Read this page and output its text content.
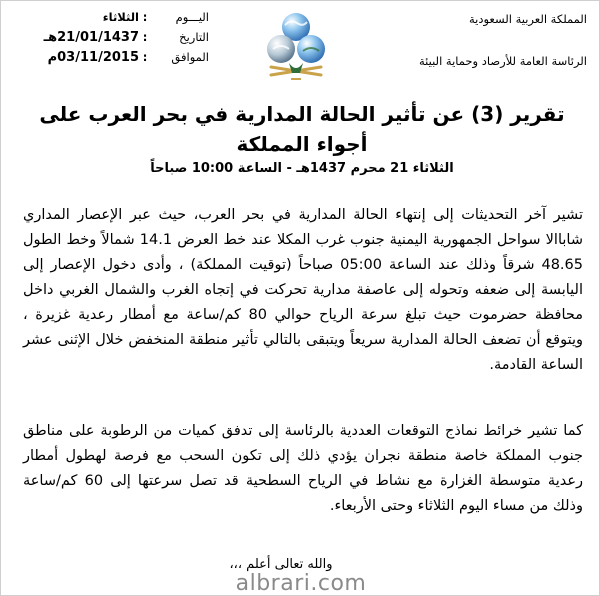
المملكة العربية السعودية
الرئاسة العامة للأرصاد وحماية البيئة
اليـــوم
:
الثلاثاء
التاريخ
:
21/01/1437هـ
الموافق
:
03/11/2015م
تقرير (3) عن تأثير الحالة المدارية في بحر العرب على أجواء المملكة
الثلاثاء 21 محرم 1437هـ - الساعة 10:00 صباحاً

تشير آخر التحديثات إلى إنتهاء الحالة المدارية في بحر العرب، حيث عبر الإعصار المداري شاباالا سواحل الجمهورية اليمنية جنوب غرب المكلا عند خط العرض 14.1 شمالاً وخط الطول 48.65 شرقاً وذلك عند الساعة 05:00 صباحاً (توقيت المملكة) ، وأدى دخول الإعصار إلى اليابسة إلى ضعفه وتحوله إلى عاصفة مدارية تحركت في إتجاه الغرب والشمال الغربي داخل محافظة حضرموت حيث تبلغ سرعة الرياح حوالي 80 كم/ساعة مع أمطار رعدية غزيرة ، ويتوقع أن تضعف الحالة المدارية سريعاً ويتبقى بالتالي تأثير منطقة المنخفض خلال الإثنى عشر الساعة القادمة.

كما تشير خرائط نماذج التوقعات العددية بالرئاسة إلى تدفق كميات من الرطوبة على مناطق جنوب المملكة خاصة منطقة نجران يؤدي ذلك إلى تكون السحب مع فرصة لهطول أمطار رعدية متوسطة الغزارة مع نشاط في الرياح السطحية قد تصل سرعتها إلى 60 كم/ساعة وذلك من مساء اليوم الثلاثاء وحتى الأربعاء.

والله تعالى أعلم ،،،
albrari.com
